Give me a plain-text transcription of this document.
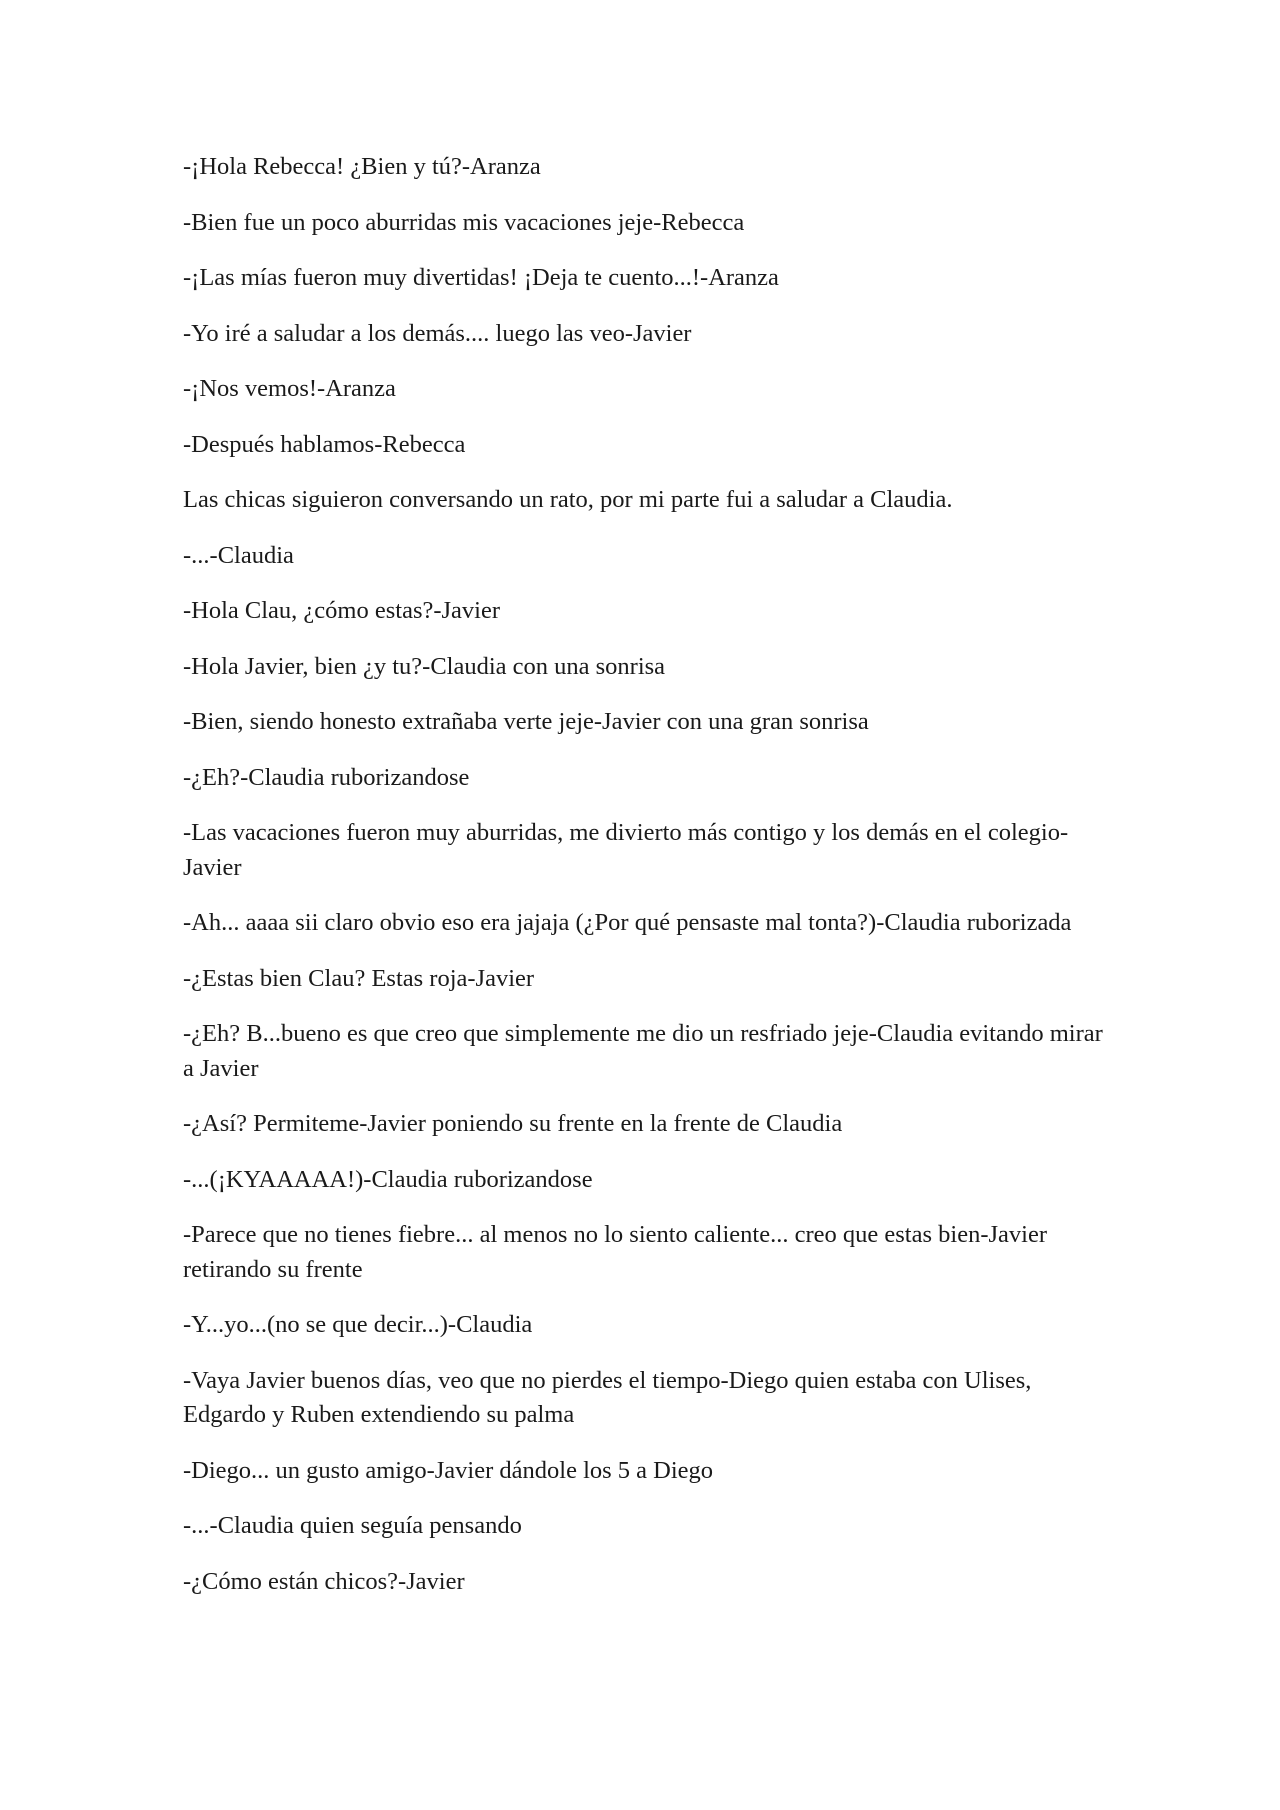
-¡Hola Rebecca! ¿Bien y tú?-Aranza

-Bien fue un poco aburridas mis vacaciones jeje-Rebecca

-¡Las mías fueron muy divertidas! ¡Deja te cuento...!-Aranza

-Yo iré a saludar a los demás.... luego las veo-Javier

-¡Nos vemos!-Aranza

-Después hablamos-Rebecca

Las chicas siguieron conversando un rato, por mi parte fui a saludar a Claudia.

-...-Claudia

-Hola Clau, ¿cómo estas?-Javier

-Hola Javier, bien ¿y tu?-Claudia con una sonrisa

-Bien, siendo honesto extrañaba verte jeje-Javier con una gran sonrisa

-¿Eh?-Claudia ruborizandose

-Las vacaciones fueron muy aburridas, me divierto más contigo y los demás en el colegio-Javier

-Ah... aaaa sii claro obvio eso era jajaja (¿Por qué pensaste mal tonta?)-Claudia ruborizada

-¿Estas bien Clau? Estas roja-Javier

-¿Eh? B...bueno es que creo que simplemente me dio un resfriado jeje-Claudia evitando mirar a Javier

-¿Así? Permiteme-Javier poniendo su frente en la frente de Claudia

-...(¡KYAAAAA!)-Claudia ruborizandose

-Parece que no tienes fiebre... al menos no lo siento caliente... creo que estas bien-Javier retirando su frente

-Y...yo...(no se que decir...)-Claudia

-Vaya Javier buenos días, veo que no pierdes el tiempo-Diego quien estaba con Ulises, Edgardo y Ruben extendiendo su palma

-Diego... un gusto amigo-Javier dándole los 5 a Diego

-...-Claudia quien seguía pensando

-¿Cómo están chicos?-Javier
